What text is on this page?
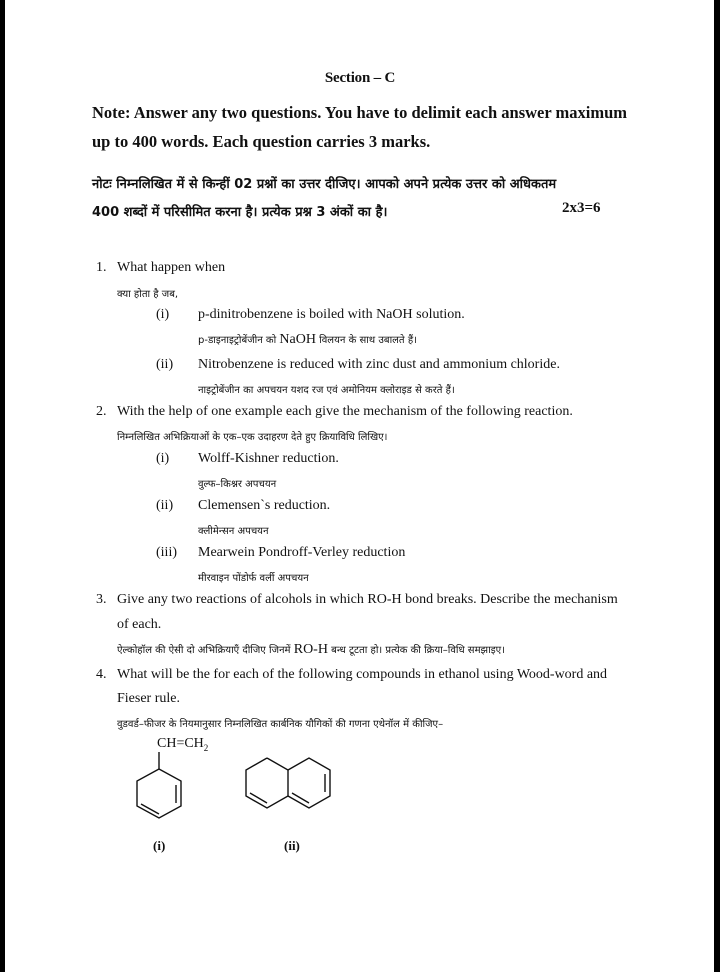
Section – C
Note: Answer any two questions. You have to delimit each answer maximum
up to 400 words. Each question carries 3 marks.
नोटः निम्नलिखित में से किन्हीं 02 प्रश्नों का उत्तर दीजिए। आपको अपने प्रत्येक उत्तर को अधिकतम
400 शब्दों में परिसीमित करना है। प्रत्येक प्रश्न 3 अंकों का है।	2x3=6
1. What happen when
क्या होता है जब,
(i) p-dinitrobenzene is boiled with NaOH solution.
p-डाइनाइट्रोबेंजीन को NaOH विलयन के साथ उबालते हैं।
(ii) Nitrobenzene is reduced with zinc dust and ammonium chloride.
नाइट्रोबेंजीन का अपचयन यशद रज एवं अमोनियम क्लोराइड से करते हैं।
2. With the help of one example each give the mechanism of the following reaction.
निम्नलिखित अभिक्रियाओं के एक–एक उदाहरण देते हुए क्रियाविधि लिखिए।
(i) Wolff-Kishner reduction.
वुल्फ–किश्नर अपचयन
(ii) Clemensen`s reduction.
क्लीमेन्सन अपचयन
(iii) Mearwein Pondroff-Verley reduction
मीरवाइन पोंडोर्फ वर्ली अपचयन
3. Give any two reactions of alcohols in which RO-H bond breaks. Describe the mechanism
of each.
ऐल्कोहॉल की ऐसी दो अभिक्रियाएँ दीजिए जिनमें RO-H बन्ध टूटता हो। प्रत्येक की क्रिया–विधि समझाइए।
4. What will be the for each of the following compounds in ethanol using Wood-word and
Fieser rule.
वुडवर्ड–फीजर के नियमानुसार निम्नलिखित कार्बनिक यौगिकों की गणना एथेनॉल में कीजिए–
$CH=CH_2$
(i)	(ii)
